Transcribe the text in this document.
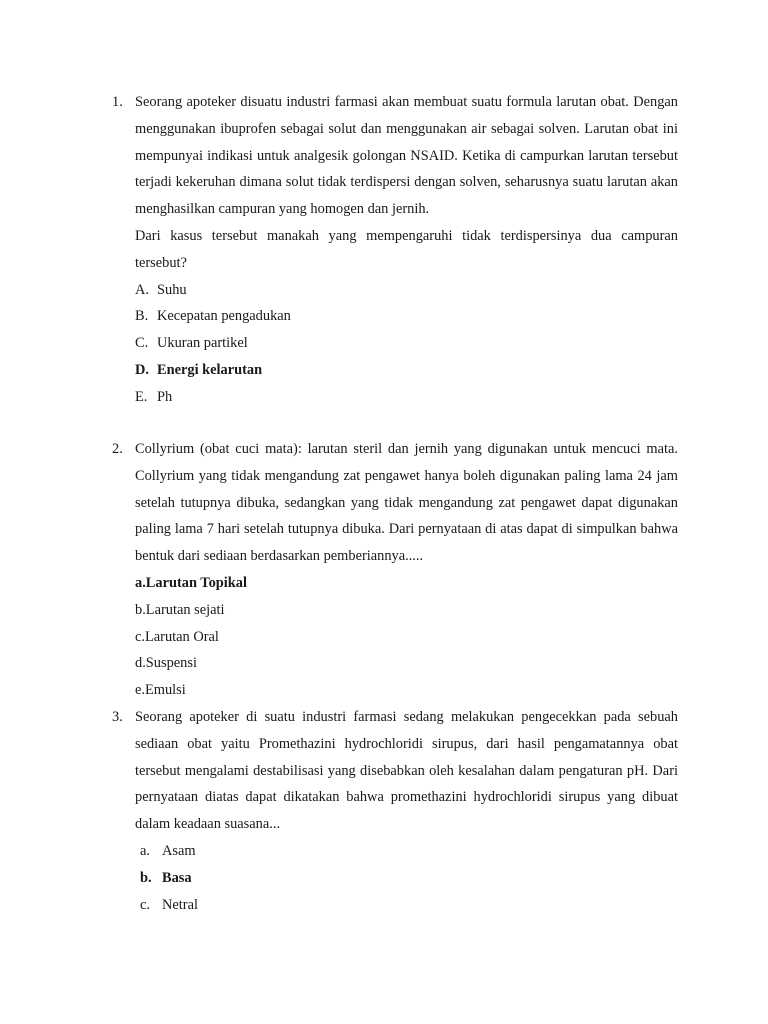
1. Seorang apoteker disuatu industri farmasi akan membuat suatu formula larutan obat. Dengan menggunakan ibuprofen sebagai solut dan menggunakan air sebagai solven. Larutan obat ini mempunyai indikasi untuk analgesik golongan NSAID. Ketika di campurkan larutan tersebut terjadi kekeruhan dimana solut tidak terdispersi dengan solven, seharusnya suatu larutan akan menghasilkan campuran yang homogen dan jernih.

Dari kasus tersebut manakah yang mempengaruhi tidak terdispersinya dua campuran tersebut?

A. Suhu
B. Kecepatan pengadukan
C. Ukuran partikel
D. Energi kelarutan
E. Ph
2. Collyrium (obat cuci mata): larutan steril dan jernih yang digunakan untuk mencuci mata. Collyrium yang tidak mengandung zat pengawet hanya boleh digunakan paling lama 24 jam setelah tutupnya dibuka, sedangkan yang tidak mengandung zat pengawet dapat digunakan paling lama 7 hari setelah tutupnya dibuka. Dari pernyataan di atas dapat di simpulkan bahwa bentuk dari sediaan berdasarkan pemberiannya.....

a.Larutan Topikal
b.Larutan sejati
c.Larutan Oral
d.Suspensi
e.Emulsi
3. Seorang apoteker di suatu industri farmasi sedang melakukan pengecekkan pada sebuah sediaan obat yaitu Promethazini hydrochloridi sirupus, dari hasil pengamatannya obat tersebut mengalami destabilisasi yang disebabkan oleh kesalahan dalam pengaturan pH. Dari pernyataan diatas dapat dikatakan bahwa promethazini hydrochloridi sirupus yang dibuat dalam keadaan suasana...

a. Asam
b. Basa
c. Netral
